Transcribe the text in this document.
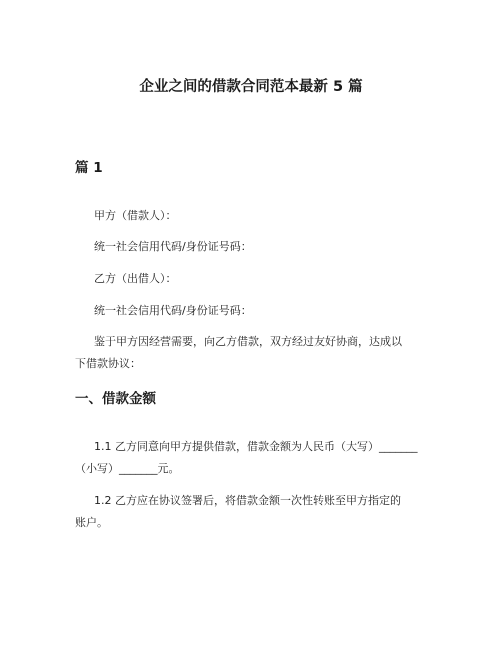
企业之间的借款合同范本最新 5 篇
篇 1
甲方（借款人）：
统一社会信用代码/身份证号码：
乙方（出借人）：
统一社会信用代码/身份证号码：
鉴于甲方因经营需要，向乙方借款，双方经过友好协商，达成以
下借款协议：
一、借款金额
1.1 乙方同意向甲方提供借款，借款金额为人民币（大写）_______
（小写）_______元。
1.2 乙方应在协议签署后，将借款金额一次性转账至甲方指定的
账户。
